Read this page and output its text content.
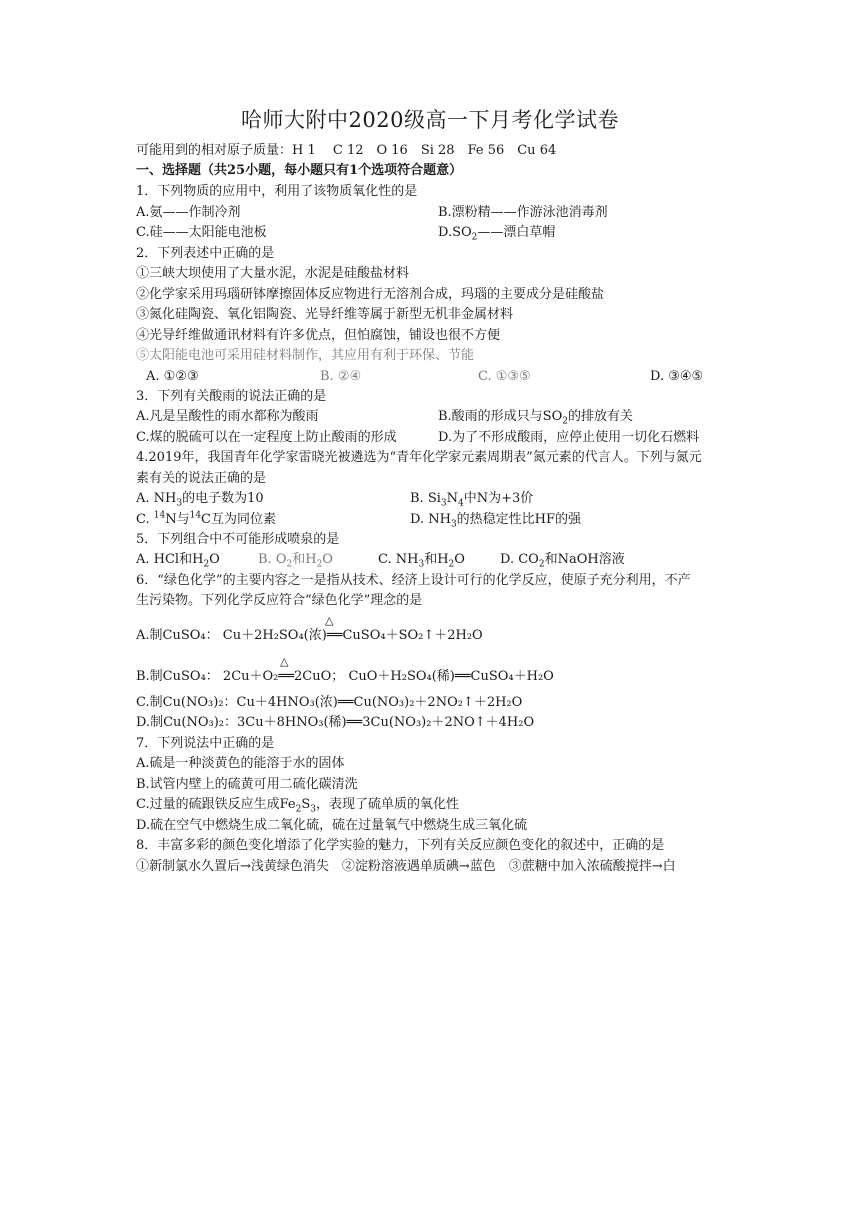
哈师大附中2020级高一下月考化学试卷
可能用到的相对原子质量：H 1　 C 12　O 16　Si 28　Fe 56　Cu 64
一、选择题（共25小题，每小题只有1个选项符合题意）
1．下列物质的应用中，利用了该物质氧化性的是
A.氨——作制冷剂	B.漂粉精——作游泳池消毒剂
C.硅——太阳能电池板	$D.SO_2——$漂白草帽
2．下列表述中正确的是
①三峡大坝使用了大量水泥，水泥是硅酸盐材料
②化学家采用玛瑙研钵摩擦固体反应物进行无溶剂合成，玛瑙的主要成分是硅酸盐
③氮化硅陶瓷、氧化铝陶瓷、光导纤维等属于新型无机非金属材料
④光导纤维做通讯材料有许多优点，但怕腐蚀，铺设也很不方便
⑤太阳能电池可采用硅材料制作，其应用有利于环保、节能
A. ①②③	B. ②④	C. ①③⑤	D. ③④⑤
3．下列有关酸雨的说法正确的是
A.凡是呈酸性的雨水都称为酸雨	B.酸雨的形成只与$SO_2$的排放有关
C.煤的脱硫可以在一定程度上防止酸雨的形成	D.为了不形成酸雨，应停止使用一切化石燃料
4.2019年，我国青年化学家雷晓光被遴选为“青年化学家元素周期表”氮元素的代言人。下列与氮元
素有关的说法正确的是
A. $NH_3$的电子数为10	B. $Si_3N_4$中N为+3价
C. $^{14}$N与$^{14}$C互为同位素	D. $NH_3$的热稳定性比HF的强
5．下列组合中不可能形成喷泉的是
A. HCl和$H_2O$	B. $O_2$和$H_2O$	C. $NH_3$和$H_2O$	D. $CO_2$和NaOH溶液
6．“绿色化学”的主要内容之一是指从技术、经济上设计可行的化学反应，使原子充分利用，不产
生污染物。下列化学反应符合“绿色化学”理念的是
A.制CuSO₄： Cu＋2H₂SO₄(浓)══CuSO₄＋SO₂↑＋2H₂O
△
B.制CuSO₄： 2Cu＋O₂══2CuO； CuO＋H₂SO₄(稀)══CuSO₄＋H₂O
△
C.制Cu(NO₃)₂：Cu＋4HNO₃(浓)══Cu(NO₃)₂＋2NO₂↑＋2H₂O
D.制Cu(NO₃)₂：3Cu＋8HNO₃(稀)══3Cu(NO₃)₂＋2NO↑＋4H₂O
7．下列说法中正确的是
A.硫是一种淡黄色的能溶于水的固体
B.试管内壁上的硫黄可用二硫化碳清洗
C.过量的硫跟铁反应生成$Fe_2S_3$，表现了硫单质的氧化性
D.硫在空气中燃烧生成二氧化硫，硫在过量氧气中燃烧生成三氧化硫
8．丰富多彩的颜色变化增添了化学实验的魅力，下列有关反应颜色变化的叙述中，正确的是
①新制氯水久置后→浅黄绿色消失　②淀粉溶液遇单质碘→蓝色　③蔗糖中加入浓硫酸搅拌→白
